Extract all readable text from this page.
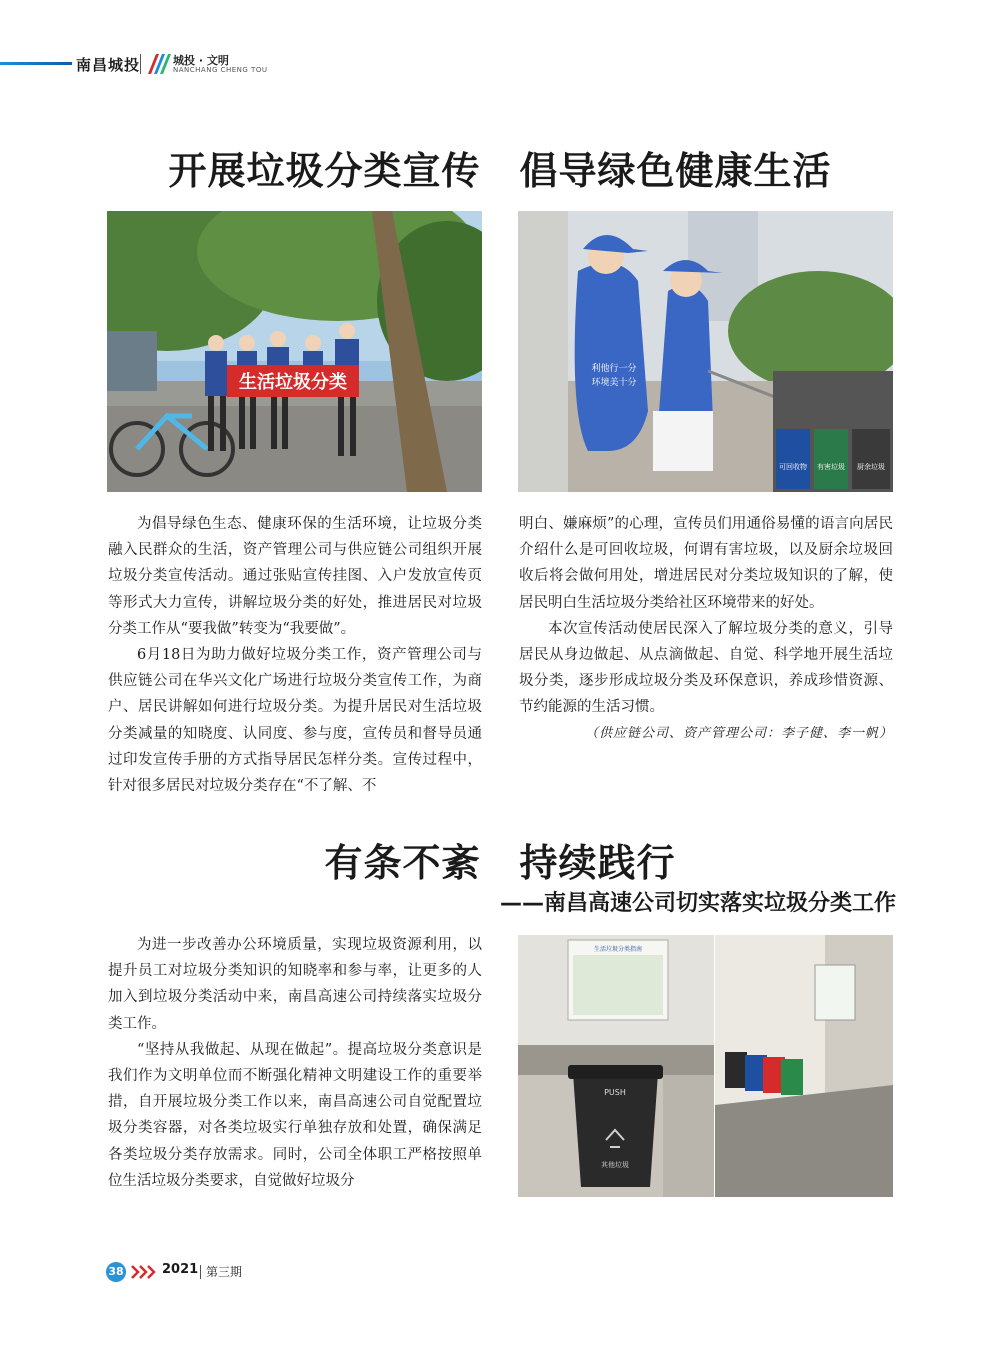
南昌城投	城投 · 文明
NANCHANG CHENG TOU
开展垃圾分类宣传　倡导绿色健康生活
生活垃圾分类
利他行一分
环境美十分
可回收物 有害垃圾 厨余垃圾

为倡导绿色生态、健康环保的生活环境，让垃圾分类融入民群众的生活，资产管理公司与供应链公司组织开展垃圾分类宣传活动。通过张贴宣传挂图、入户发放宣传页等形式大力宣传，讲解垃圾分类的好处，推进居民对垃圾分类工作从“要我做”转变为“我要做”。

6月18日为助力做好垃圾分类工作，资产管理公司与供应链公司在华兴文化广场进行垃圾分类宣传工作，为商户、居民讲解如何进行垃圾分类。为提升居民对生活垃圾分类减量的知晓度、认同度、参与度，宣传员和督导员通过印发宣传手册的方式指导居民怎样分类。宣传过程中，针对很多居民对垃圾分类存在“不了解、不

明白、嫌麻烦”的心理，宣传员们用通俗易懂的语言向居民介绍什么是可回收垃圾，何谓有害垃圾，以及厨余垃圾回收后将会做何用处，增进居民对分类垃圾知识的了解，使居民明白生活垃圾分类给社区环境带来的好处。

本次宣传活动使居民深入了解垃圾分类的意义，引导居民从身边做起、从点滴做起、自觉、科学地开展生活垃圾分类，逐步形成垃圾分类及环保意识，养成珍惜资源、节约能源的生活习惯。

（供应链公司、资产管理公司：李子健、李一帆）

有条不紊　持续践行
——南昌高速公司切实落实垃圾分类工作

为进一步改善办公环境质量，实现垃圾资源利用，以提升员工对垃圾分类知识的知晓率和参与率，让更多的人加入到垃圾分类活动中来，南昌高速公司持续落实垃圾分类工作。

“坚持从我做起、从现在做起”。提高垃圾分类意识是我们作为文明单位而不断强化精神文明建设工作的重要举措，自开展垃圾分类工作以来，南昌高速公司自觉配置垃圾分类容器，对各类垃圾实行单独存放和处置，确保满足各类垃圾分类存放需求。同时，公司全体职工严格按照单位生活垃圾分类要求，自觉做好垃圾分

生活垃圾分类指南
PUSH
其他垃圾
38	2021 第三期
